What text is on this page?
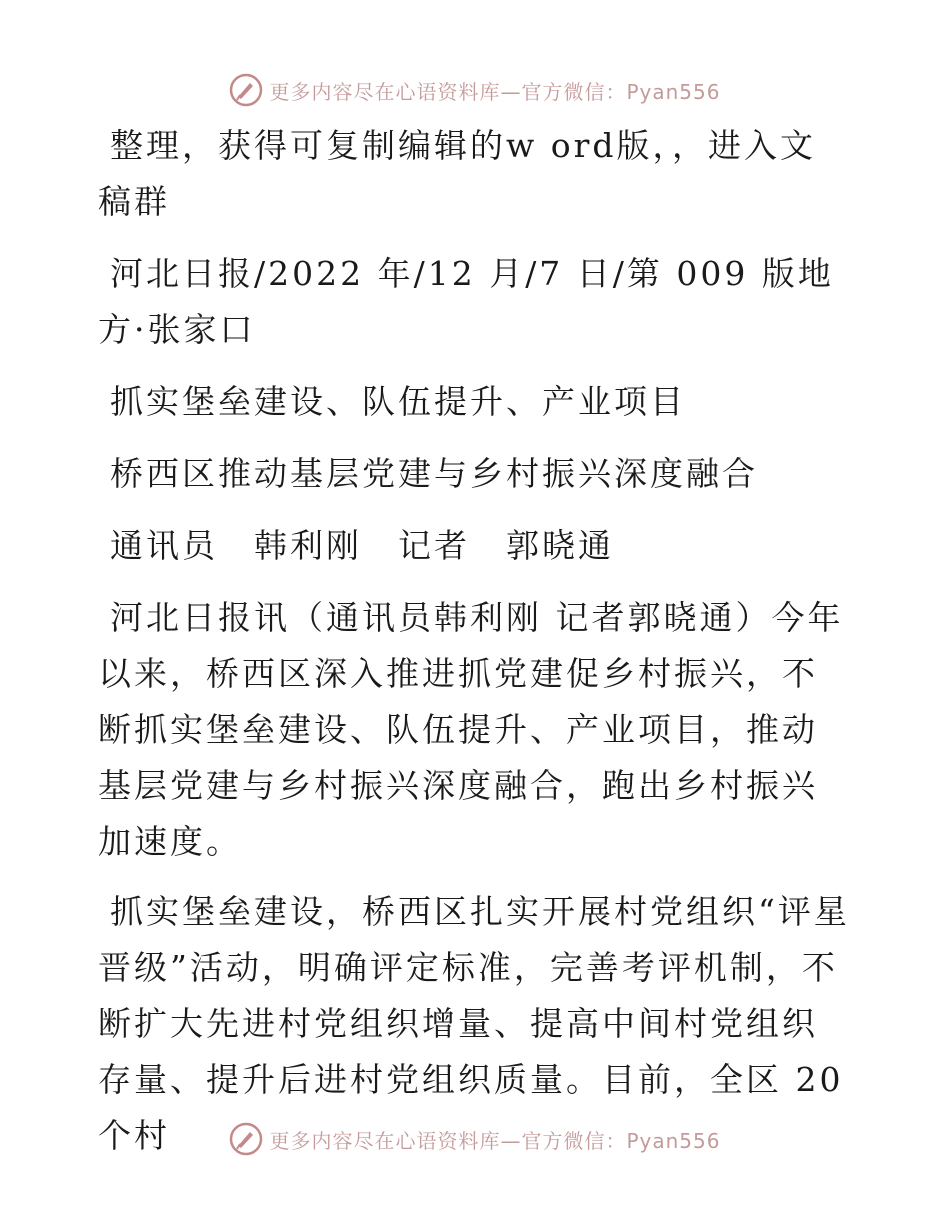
更多内容尽在心语资料库—官方微信：Pyan556

整理，获得可复制编辑的w ord版，，进入文稿群

河北日报/2022 年/12 月/7 日/第 009 版地方·张家口

抓实堡垒建设、队伍提升、产业项目

桥西区推动基层党建与乡村振兴深度融合

通讯员　韩利刚　记者　郭晓通

河北日报讯（通讯员韩利刚 记者郭晓通）今年以来，桥西区深入推进抓党建促乡村振兴，不断抓实堡垒建设、队伍提升、产业项目，推动基层党建与乡村振兴深度融合，跑出乡村振兴加速度。

抓实堡垒建设，桥西区扎实开展村党组织“评星晋级”活动，明确评定标准，完善考评机制，不断扩大先进村党组织增量、提高中间村党组织存量、提升后进村党组织质量。目前，全区 20个村	更多内容尽在心语资料库—官方微信：Pyan556
